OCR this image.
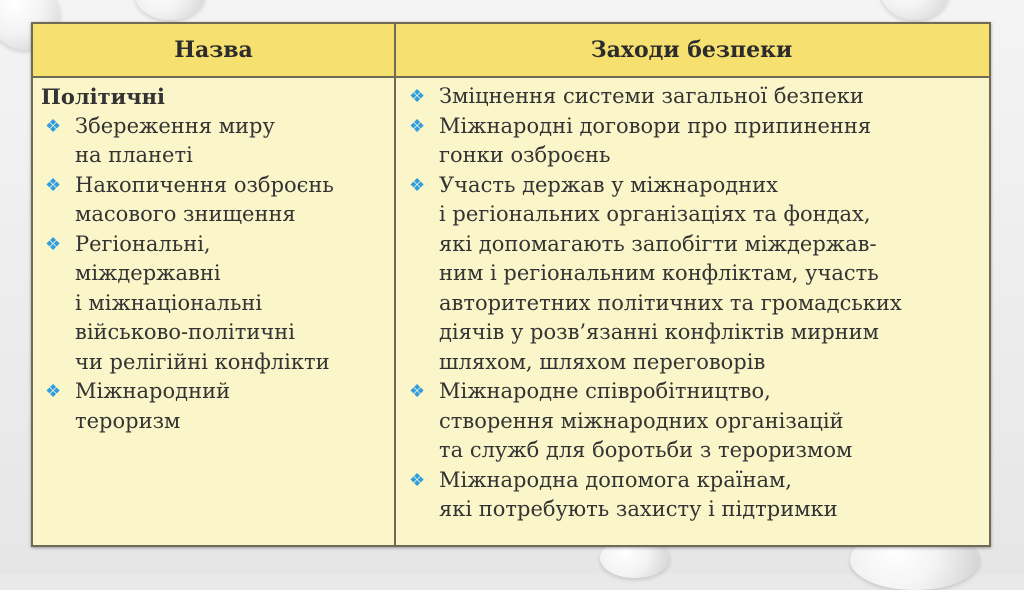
Назва	Заходи безпеки
Політичні
❖ Збереження миру
на планеті
❖ Накопичення озброєнь
масового знищення
❖ Регіональні,
міждержавні
і міжнаціональні
військово-політичні
чи релігійні конфлікти
❖ Міжнародний
тероризм
❖ Зміцнення системи загальної безпеки
❖ Міжнародні договори про припинення
гонки озброєнь
❖ Участь держав у міжнародних
і регіональних організаціях та фондах,
які допомагають запобігти міждержав-
ним і регіональним конфліктам, участь
авторитетних політичних та громадських
діячів у розв’язанні конфліктів мирним
шляхом, шляхом переговорів
❖ Міжнародне співробітництво,
створення міжнародних організацій
та служб для боротьби з тероризмом
❖ Міжнародна допомога країнам,
які потребують захисту і підтримки
